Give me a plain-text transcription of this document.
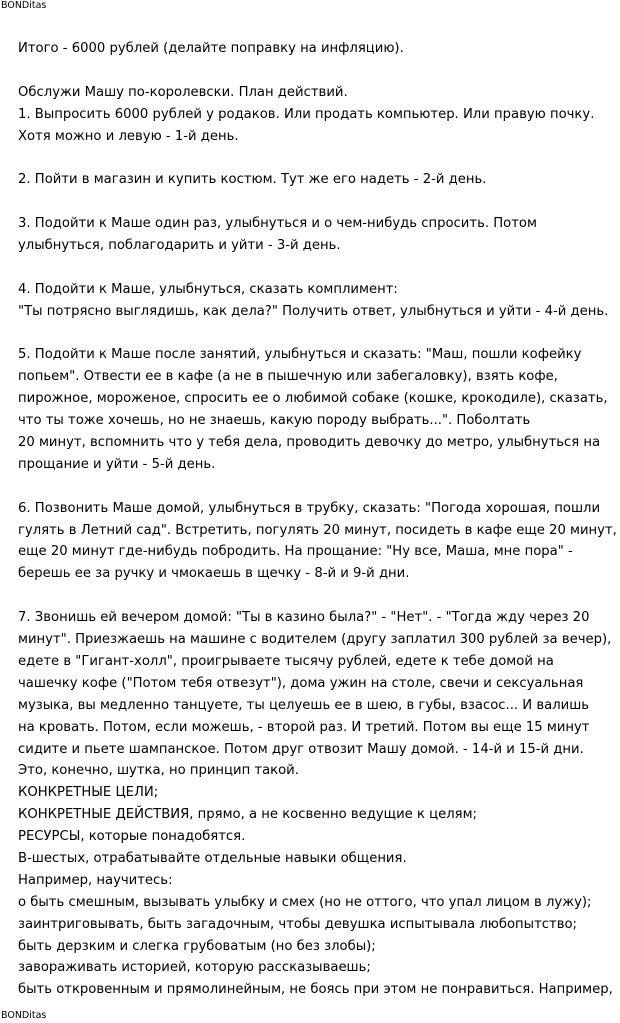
BONDitas
Итого - 6000 рублей (делайте поправку на инфляцию).
Обслужи Машу по-королевски. План действий.
1. Выпросить 6000 рублей у родаков. Или продать компьютер. Или правую почку.
Хотя можно и левую - 1-й день.
2. Пойти в магазин и купить костюм. Тут же его надеть - 2-й день.
3. Подойти к Маше один раз, улыбнуться и о чем-нибудь спросить. Потом
улыбнуться, поблагодарить и уйти - 3-й день.
4. Подойти к Маше, улыбнуться, сказать комплимент:
"Ты потрясно выглядишь, как дела?" Получить ответ, улыбнуться и уйти - 4-й день.
5. Подойти к Маше после занятий, улыбнуться и сказать: "Маш, пошли кофейку
попьем". Отвести ее в кафе (а не в пышечную или забегаловку), взять кофе,
пирожное, мороженое, спросить ее о любимой собаке (кошке, крокодиле), сказать,
что ты тоже хочешь, но не знаешь, какую породу выбрать...". Поболтать
20 минут, вспомнить что у тебя дела, проводить девочку до метро, улыбнуться на
прощание и уйти - 5-й день.
6. Позвонить Маше домой, улыбнуться в трубку, сказать: "Погода хорошая, пошли
гулять в Летний сад". Встретить, погулять 20 минут, посидеть в кафе еще 20 минут,
еще 20 минут где-нибудь побродить. На прощание: "Ну все, Маша, мне пора" -
берешь ее за ручку и чмокаешь в щечку - 8-й и 9-й дни.
7. Звонишь ей вечером домой: "Ты в казино была?" - "Нет". - "Тогда жду через 20
минут". Приезжаешь на машине с водителем (другу заплатил 300 рублей за вечер),
едете в "Гигант-холл", проигрываете тысячу рублей, едете к тебе домой на
чашечку кофе ("Потом тебя отвезут"), дома ужин на столе, свечи и сексуальная
музыка, вы медленно танцуете, ты целуешь ее в шею, в губы, взасос... И валишь
на кровать. Потом, если можешь, - второй раз. И третий. Потом вы еще 15 минут
сидите и пьете шампанское. Потом друг отвозит Машу домой. - 14-й и 15-й дни.
Это, конечно, шутка, но принцип такой.
КОНКРЕТНЫЕ ЦЕЛИ;
КОНКРЕТНЫЕ ДЕЙСТВИЯ, прямо, а не косвенно ведущие к целям;
РЕСУРСЫ, которые понадобятся.
В-шестых, отрабатывайте отдельные навыки общения.
Например, научитесь:
о быть смешным, вызывать улыбку и смех (но не оттого, что упал лицом в лужу);
заинтриговывать, быть загадочным, чтобы девушка испытывала любопытство;
быть дерзким и слегка грубоватым (но без злобы);
завораживать историей, которую рассказываешь;
быть откровенным и прямолинейным, не боясь при этом не понравиться. Например,
BONDitas
